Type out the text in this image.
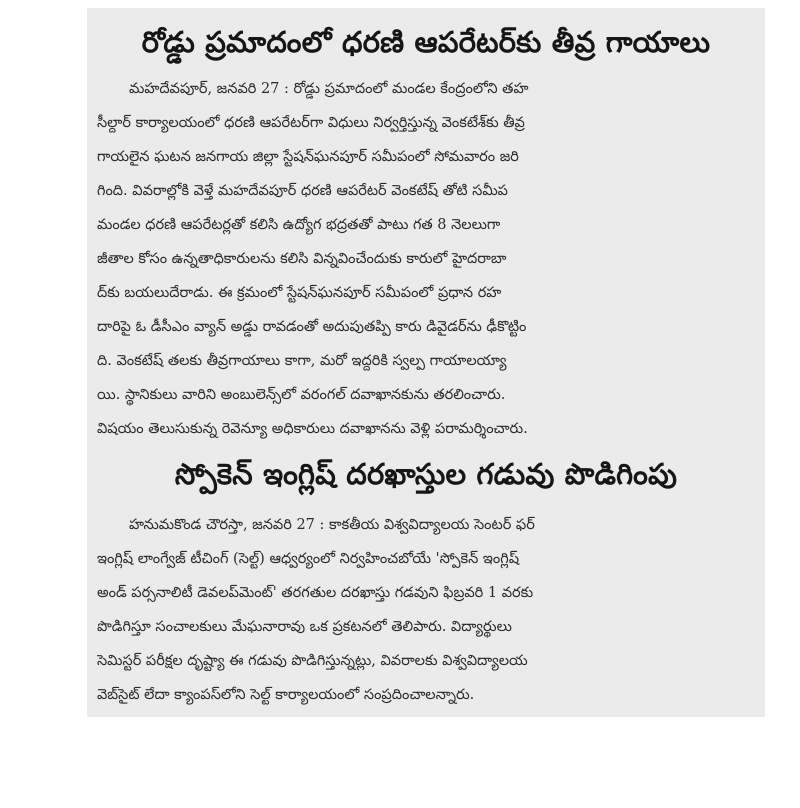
రోడ్డు ప్రమాదంలో ధరణి ఆపరేటర్‌కు తీవ్ర గాయాలు
మహదేవపూర్, జనవరి 27 : రోడ్డు ప్రమాదంలో మండల కేంద్రంలోని తహ
సీల్దార్ కార్యాలయంలో ధరణి ఆపరేటర్‌గా విధులు నిర్వర్తిస్తున్న వెంకటేశ్‌కు తీవ్ర
గాయలైన ఘటన జనగాయ జిల్లా స్టేషన్‌ఘనపూర్ సమీపంలో సోమవారం జరి
గింది. వివరాల్లోకి వెళ్తే మహదేవపూర్ ధరణి ఆపరేటర్ వెంకటేష్ తోటి సమీప
మండల ధరణి ఆపరేటర్లతో కలిసి ఉద్యోగ భద్రతతో పాటు గత 8 నెలలుగా
జీతాల కోసం ఉన్నతాధికారులను కలిసి విన్నవించేందుకు కారులో హైదరాబా
ద్‌కు బయలుదేరాడు. ఈ క్రమంలో స్టేషన్‌ఘనపూర్ సమీపంలో ప్రధాన రహ
దారిపై ఓ డీసీఎం వ్యాన్ అడ్డు రావడంతో అదుపుతప్పి కారు డివైడర్‌ను ఢీకొట్టిం
ది. వెంకటేష్ తలకు తీవ్రగాయాలు కాగా, మరో ఇద్దరికి స్వల్ప గాయాలయ్యా
యి. స్థానికులు వారిని అంబులెన్స్‌లో వరంగల్ దవాఖానకును తరలించారు.
విషయం తెలుసుకున్న రెవెన్యూ అధికారులు దవాఖానను వెళ్లి పరామర్శించారు.
స్పోకెన్ ఇంగ్లిష్ దరఖాస్తుల గడువు పొడిగింపు
హనుమకొండ చౌరస్తా, జనవరి 27 : కాకతీయ విశ్వవిద్యాలయ సెంటర్ ఫర్
ఇంగ్లిష్ లాంగ్వేజ్ టీచింగ్ (సెల్ట్) ఆధ్వర్యంలో నిర్వహించబోయే 'స్పోకెన్ ఇంగ్లిష్
అండ్ పర్సనాలిటీ డెవలప్‌మెంట్' తరగతుల దరఖాస్తు గడవుని ఫిబ్రవరి 1 వరకు
పొడిగిస్తూ సంచాలకులు మేఘనారావు ఒక ప్రకటనలో తెలిపారు. విద్యార్థులు
సెమిస్టర్ పరీక్షల దృష్ట్యా ఈ గడువు పొడిగిస్తున్నట్లు, వివరాలకు విశ్వవిద్యాలయ
వెబ్‌సైట్ లేదా క్యాంపస్‌లోని సెల్ట్ కార్యాలయంలో సంప్రదించాలన్నారు.
